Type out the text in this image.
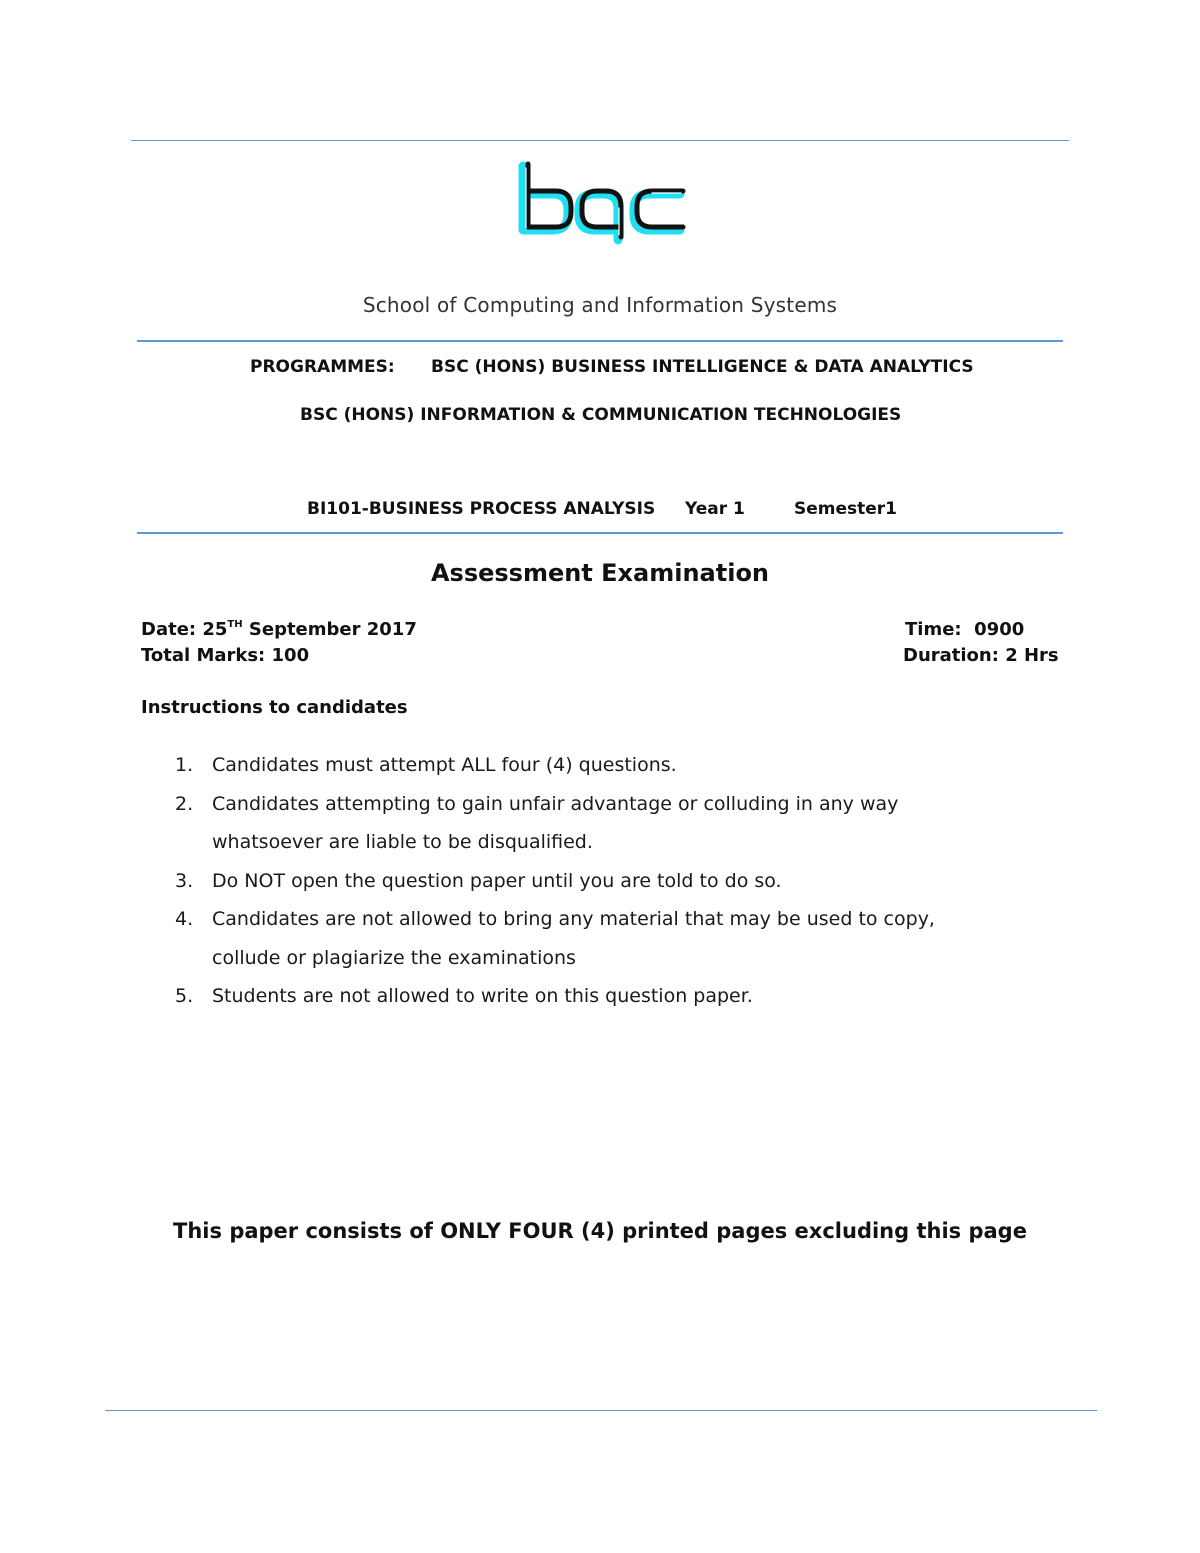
School of Computing and Information Systems
PROGRAMMES: BSC (HONS) BUSINESS INTELLIGENCE & DATA ANALYTICS
BSC (HONS) INFORMATION & COMMUNICATION TECHNOLOGIES
BI101-BUSINESS PROCESS ANALYSIS Year 1	Semester1
Assessment Examination
Date: 25TH September 2017	Time:  0900
Total Marks: 100	Duration: 2 Hrs
Instructions to candidates
1. Candidates must attempt ALL four (4) questions.
2. Candidates attempting to gain unfair advantage or colluding in any way whatsoever are liable to be disqualified.
3. Do NOT open the question paper until you are told to do so.
4. Candidates are not allowed to bring any material that may be used to copy, collude or plagiarize the examinations
5. Students are not allowed to write on this question paper.
This paper consists of ONLY FOUR (4) printed pages excluding this page
